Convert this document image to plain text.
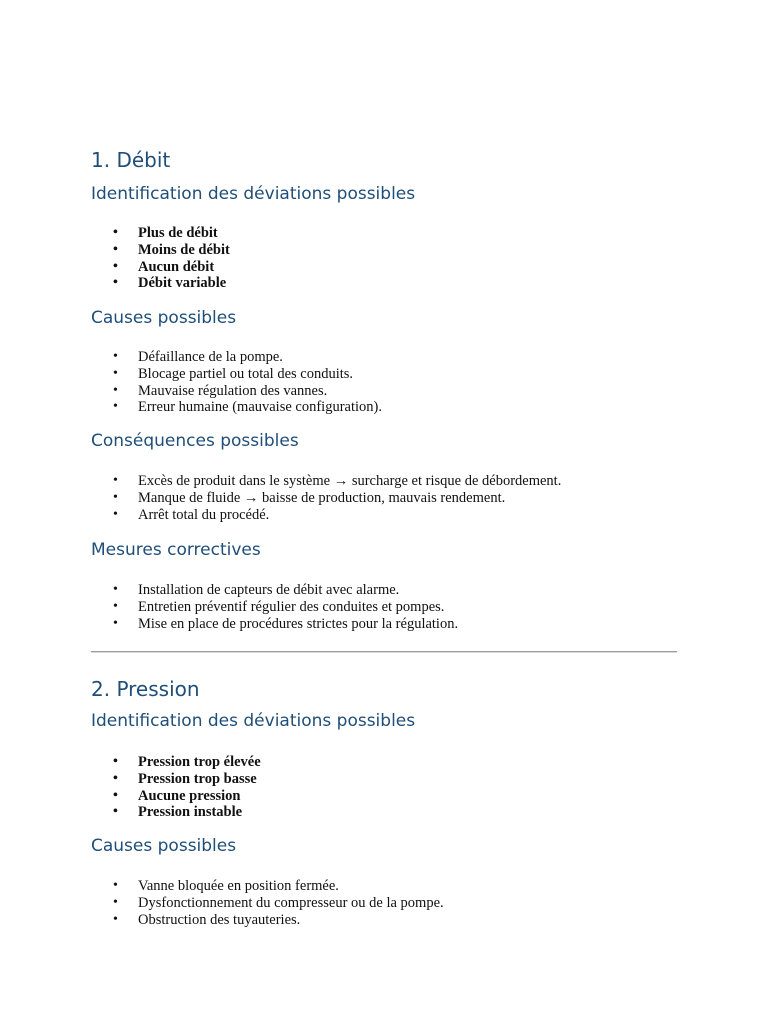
1. Débit
Identification des déviations possibles
• Plus de débit
• Moins de débit
• Aucun débit
• Débit variable
Causes possibles
• Défaillance de la pompe.
• Blocage partiel ou total des conduits.
• Mauvaise régulation des vannes.
• Erreur humaine (mauvaise configuration).
Conséquences possibles
• Excès de produit dans le système → surcharge et risque de débordement.
• Manque de fluide → baisse de production, mauvais rendement.
• Arrêt total du procédé.
Mesures correctives
• Installation de capteurs de débit avec alarme.
• Entretien préventif régulier des conduites et pompes.
• Mise en place de procédures strictes pour la régulation.
2. Pression
Identification des déviations possibles
• Pression trop élevée
• Pression trop basse
• Aucune pression
• Pression instable
Causes possibles
• Vanne bloquée en position fermée.
• Dysfonctionnement du compresseur ou de la pompe.
• Obstruction des tuyauteries.
